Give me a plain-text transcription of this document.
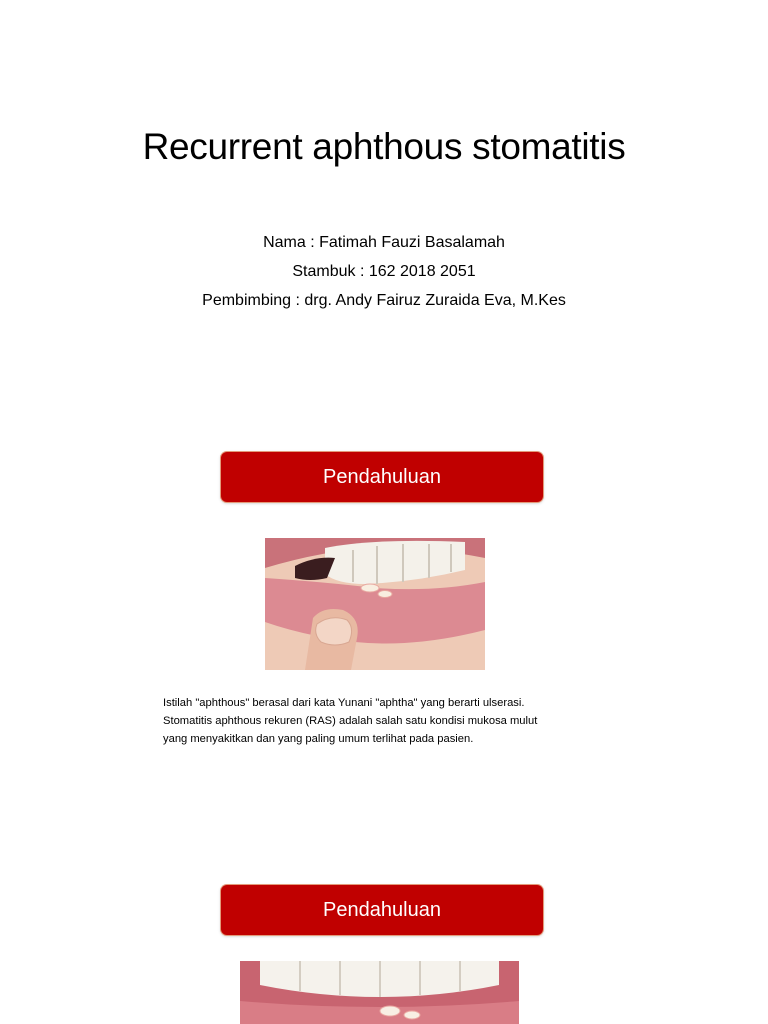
Recurrent aphthous stomatitis
Nama : Fatimah Fauzi Basalamah
Stambuk : 162 2018 2051
Pembimbing : drg. Andy Fairuz Zuraida Eva, M.Kes
Pendahuluan
Istilah "aphthous" berasal dari kata Yunani "aphtha" yang berarti ulserasi.
Stomatitis aphthous rekuren (RAS) adalah salah satu kondisi mukosa mulut
yang menyakitkan dan yang paling umum terlihat pada pasien.
Pendahuluan
